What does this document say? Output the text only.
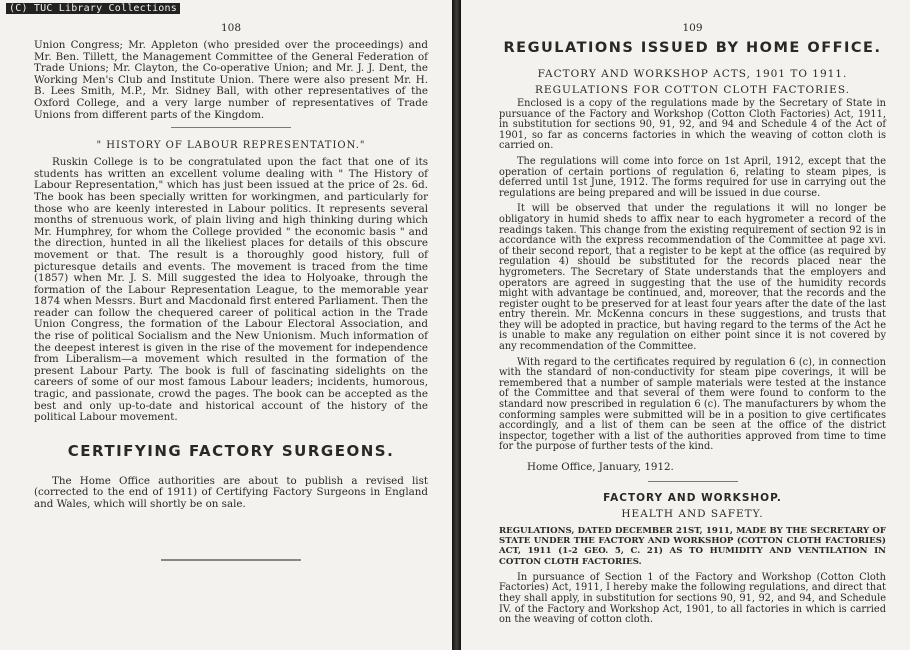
108

Union Congress; Mr. Appleton (who presided over the proceedings) and Mr. Ben. Tillett, the Management Committee of the General Federation of Trade Unions; Mr. Clayton, the Co-operative Union; and Mr. J. J. Dent, the Working Men's Club and Institute Union. There were also present Mr. H. B. Lees Smith, M.P., Mr. Sidney Ball, with other representatives of the Oxford College, and a very large number of representatives of Trade Unions from different parts of the Kingdom.

" HISTORY OF LABOUR REPRESENTATION."

Ruskin College is to be congratulated upon the fact that one of its students has written an excellent volume dealing with " The History of Labour Representation," which has just been issued at the price of 2s. 6d. The book has been specially written for workingmen, and particularly for those who are keenly interested in Labour politics. It represents several months of strenuous work, of plain living and high thinking during which Mr. Humphrey, for whom the College provided " the economic basis " and the direction, hunted in all the likeliest places for details of this obscure movement or that. The result is a thoroughly good history, full of picturesque details and events. The movement is traced from the time (1857) when Mr. J. S. Mill suggested the idea to Holyoake, through the formation of the Labour Representation League, to the memorable year 1874 when Messrs. Burt and Macdonald first entered Parliament. Then the reader can follow the chequered career of political action in the Trade Union Congress, the formation of the Labour Electoral Association, and the rise of political Socialism and the New Unionism. Much information of the deepest interest is given in the rise of the movement for independence from Liberalism—a movement which resulted in the formation of the present Labour Party. The book is full of fascinating sidelights on the careers of some of our most famous Labour leaders; incidents, humorous, tragic, and passionate, crowd the pages. The book can be accepted as the best and only up-to-date and historical account of the history of the political Labour movement.

CERTIFYING FACTORY SURGEONS.

The Home Office authorities are about to publish a revised list (corrected to the end of 1911) of Certifying Factory Surgeons in England and Wales, which will shortly be on sale.

109
REGULATIONS ISSUED BY HOME OFFICE.
FACTORY AND WORKSHOP ACTS, 1901 TO 1911.
REGULATIONS FOR COTTON CLOTH FACTORIES.

Enclosed is a copy of the regulations made by the Secretary of State in pursuance of the Factory and Workshop (Cotton Cloth Factories) Act, 1911, in substitution for sections 90, 91, 92, and 94 and Schedule 4 of the Act of 1901, so far as concerns factories in which the weaving of cotton cloth is carried on.

The regulations will come into force on 1st April, 1912, except that the operation of certain portions of regulation 6, relating to steam pipes, is deferred until 1st June, 1912. The forms required for use in carrying out the regulations are being prepared and will be issued in due course.

It will be observed that under the regulations it will no longer be obligatory in humid sheds to affix near to each hygrometer a record of the readings taken. This change from the existing requirement of section 92 is in accordance with the express recommendation of the Committee at page xvi. of their second report, that a register to be kept at the office (as required by regulation 4) should be substituted for the records placed near the hygrometers. The Secretary of State understands that the employers and operators are agreed in suggesting that the use of the humidity records might with advantage be continued, and, moreover, that the records and the register ought to be preserved for at least four years after the date of the last entry therein. Mr. McKenna concurs in these suggestions, and trusts that they will be adopted in practice, but having regard to the terms of the Act he is unable to make any regulation on either point since it is not covered by any recommendation of the Committee.

With regard to the certificates required by regulation 6 (c), in connection with the standard of non-conductivity for steam pipe coverings, it will be remembered that a number of sample materials were tested at the instance of the Committee and that several of them were found to conform to the standard now prescribed in regulation 6 (c). The manufacturers by whom the conforming samples were submitted will be in a position to give certificates accordingly, and a list of them can be seen at the office of the district inspector, together with a list of the authorities approved from time to time for the purpose of further tests of the kind.

Home Office, January, 1912.
FACTORY AND WORKSHOP.
HEALTH AND SAFETY.

REGULATIONS, DATED DECEMBER 21ST, 1911, MADE BY THE SECRETARY OF STATE UNDER THE FACTORY AND WORKSHOP (COTTON CLOTH FACTORIES) ACT, 1911 (1-2 GEO. 5, C. 21) AS TO HUMIDITY AND VENTILATION IN COTTON CLOTH FACTORIES.

In pursuance of Section 1 of the Factory and Workshop (Cotton Cloth Factories) Act, 1911, I hereby make the following regulations, and direct that they shall apply, in substitution for sections 90, 91, 92, and 94, and Schedule IV. of the Factory and Workshop Act, 1901, to all factories in which is carried on the weaving of cotton cloth.

(C) TUC Library Collections
